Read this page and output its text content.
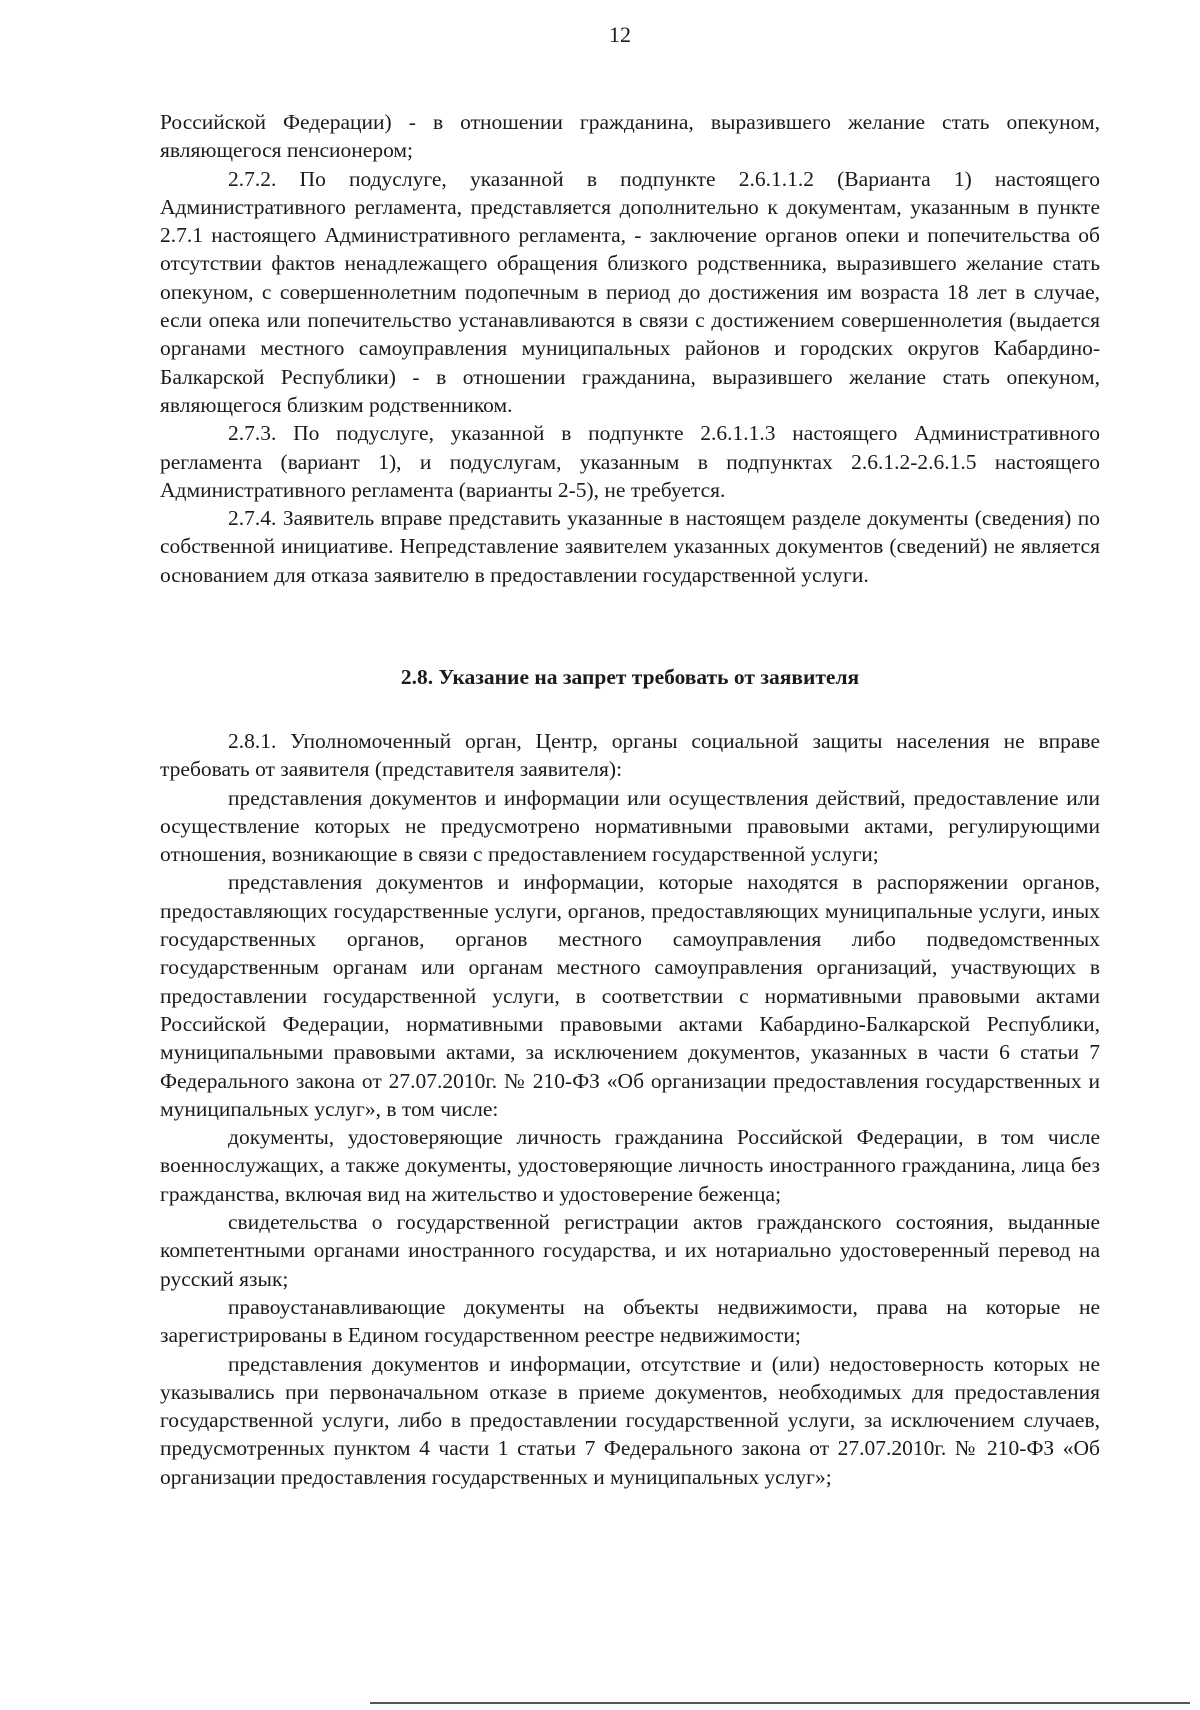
12

Российской Федерации) - в отношении гражданина, выразившего желание стать опекуном, являющегося пенсионером;

2.7.2. По подуслуге, указанной в подпункте 2.6.1.1.2 (Варианта 1) настоящего Административного регламента, представляется дополнительно к документам, указанным в пункте 2.7.1 настоящего Административного регламента, - заключение органов опеки и попечительства об отсутствии фактов ненадлежащего обращения близкого родственника, выразившего желание стать опекуном, с совершеннолетним подопечным в период до достижения им возраста 18 лет в случае, если опека или попечительство устанавливаются в связи с достижением совершеннолетия (выдается органами местного самоуправления муниципальных районов и городских округов Кабардино-Балкарской Республики) - в отношении гражданина, выразившего желание стать опекуном, являющегося близким родственником.

2.7.3. По подуслуге, указанной в подпункте 2.6.1.1.3 настоящего Административного регламента (вариант 1), и подуслугам, указанным в подпунктах 2.6.1.2-2.6.1.5 настоящего Административного регламента (варианты 2-5), не требуется.

2.7.4. Заявитель вправе представить указанные в настоящем разделе документы (сведения) по собственной инициативе. Непредставление заявителем указанных документов (сведений) не является основанием для отказа заявителю в предоставлении государственной услуги.

2.8. Указание на запрет требовать от заявителя

2.8.1. Уполномоченный орган, Центр, органы социальной защиты населения не вправе требовать от заявителя (представителя заявителя):

представления документов и информации или осуществления действий, предоставление или осуществление которых не предусмотрено нормативными правовыми актами, регулирующими отношения, возникающие в связи с предоставлением государственной услуги;

представления документов и информации, которые находятся в распоряжении органов, предоставляющих государственные услуги, органов, предоставляющих муниципальные услуги, иных государственных органов, органов местного самоуправления либо подведомственных государственным органам или органам местного самоуправления организаций, участвующих в предоставлении государственной услуги, в соответствии с нормативными правовыми актами Российской Федерации, нормативными правовыми актами Кабардино-Балкарской Республики, муниципальными правовыми актами, за исключением документов, указанных в части 6 статьи 7 Федерального закона от 27.07.2010г. № 210-ФЗ «Об организации предоставления государственных и муниципальных услуг», в том числе:

документы, удостоверяющие личность гражданина Российской Федерации, в том числе военнослужащих, а также документы, удостоверяющие личность иностранного гражданина, лица без гражданства, включая вид на жительство и удостоверение беженца;

свидетельства о государственной регистрации актов гражданского состояния, выданные компетентными органами иностранного государства, и их нотариально удостоверенный перевод на русский язык;

правоустанавливающие документы на объекты недвижимости, права на которые не зарегистрированы в Едином государственном реестре недвижимости;

представления документов и информации, отсутствие и (или) недостоверность которых не указывались при первоначальном отказе в приеме документов, необходимых для предоставления государственной услуги, либо в предоставлении государственной услуги, за исключением случаев, предусмотренных пунктом 4 части 1 статьи 7 Федерального закона от 27.07.2010г. № 210-ФЗ «Об организации предоставления государственных и муниципальных услуг»;
